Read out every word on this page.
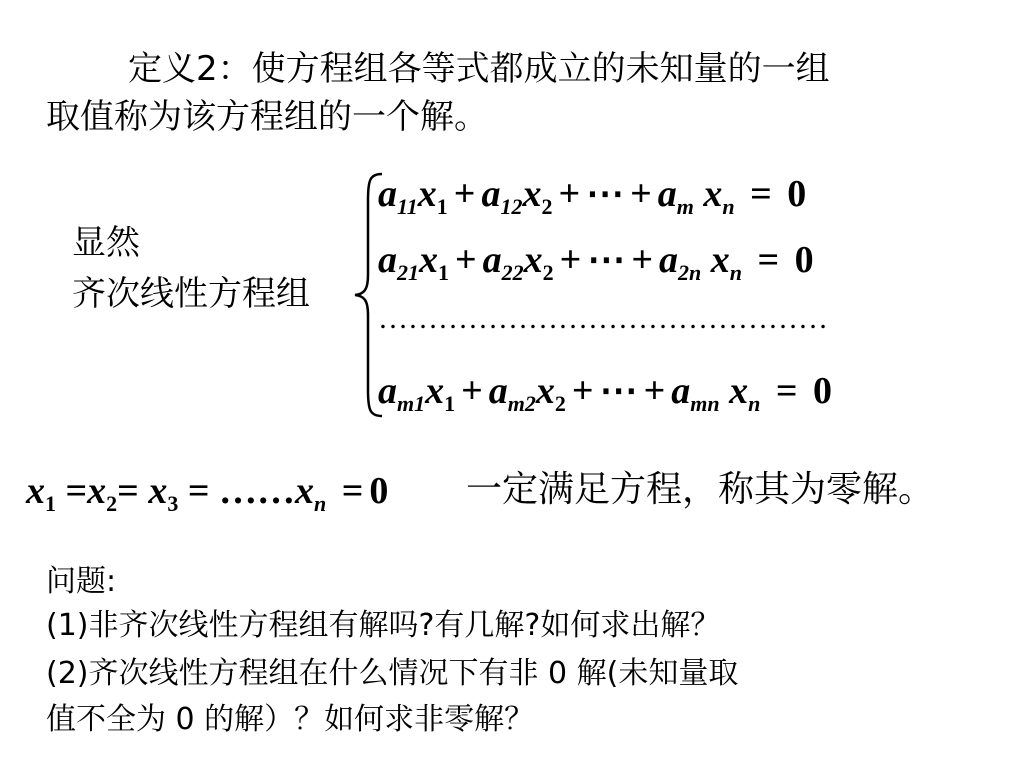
定义2：使方程组各等式都成立的未知量的一组
取值称为该方程组的一个解。
显然
齐次线性方程组
$a_{11}x_1 + a_{12}x_2$ + ⋯ + $a_m$ $x_n = 0$
$a_{21}x_1 + a_{22}x_2$ + ⋯ + $a_{2n}$ $x_n = 0$
………………………………………
$a_{m1}x_1 + a_{m2}x_2$ + ⋯ + $a_{mn}$ $x_n = 0$
$x_1 =x_2= x_3$ = $\dots\dots x_n = 0$ 一定满足方程，称其为零解。
问题:
(1)非齐次线性方程组有解吗?有几解?如何求出解？
(2)齐次线性方程组在什么情况下有非 0 解(未知量取
值不全为 0 的解）？如何求非零解？
